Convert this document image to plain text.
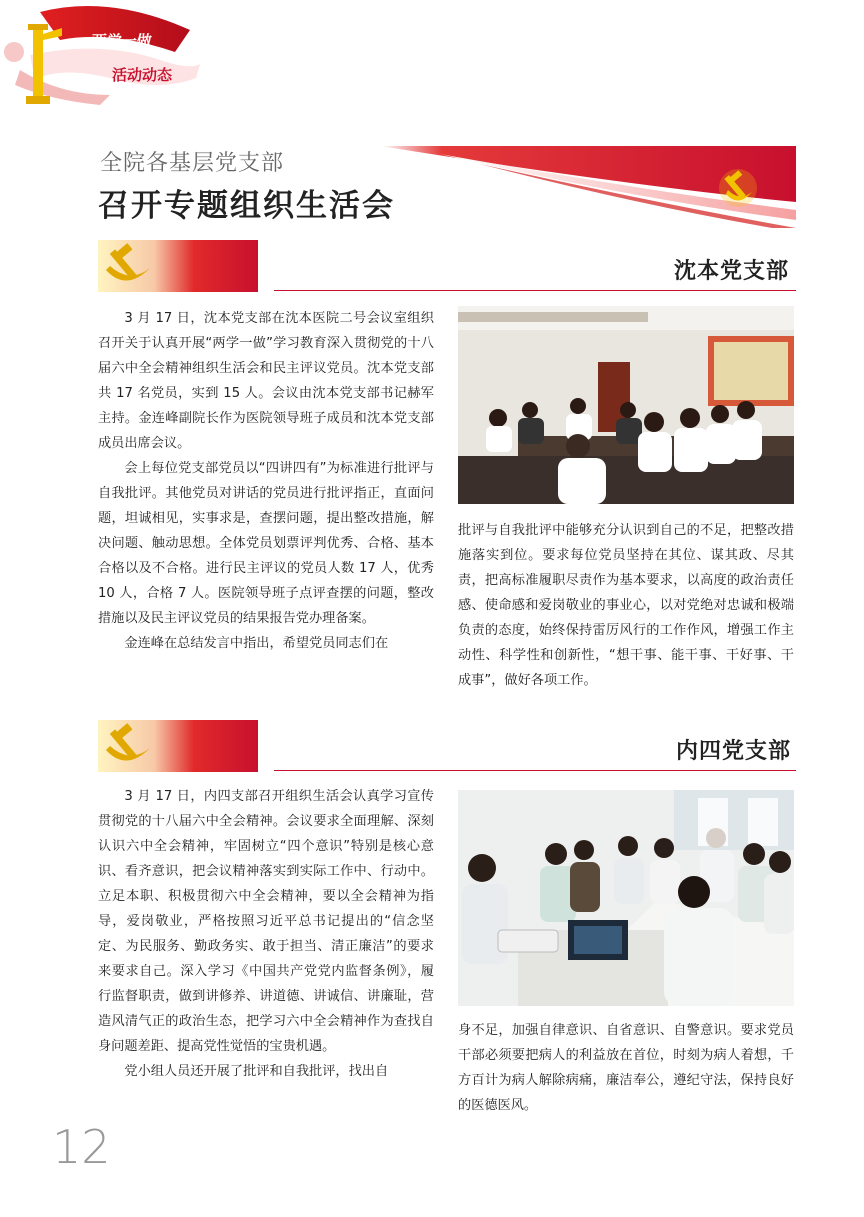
两学一做
活动动态
全院各基层党支部
召开专题组织生活会
沈本党支部

3 月 17 日，沈本党支部在沈本医院二号会议室组织召开关于认真开展“两学一做”学习教育深入贯彻党的十八届六中全会精神组织生活会和民主评议党员。沈本党支部共 17 名党员，实到 15 人。会议由沈本党支部书记赫军主持。金连峰副院长作为医院领导班子成员和沈本党支部成员出席会议。

会上每位党支部党员以“四讲四有”为标准进行批评与自我批评。其他党员对讲话的党员进行批评指正，直面问题，坦诚相见，实事求是，查摆问题，提出整改措施，解决问题、触动思想。全体党员划票评判优秀、合格、基本合格以及不合格。进行民主评议的党员人数 17 人，优秀 10 人，合格 7 人。医院领导班子点评查摆的问题，整改措施以及民主评议党员的结果报告党办理备案。

金连峰在总结发言中指出，希望党员同志们在

批评与自我批评中能够充分认识到自己的不足，把整改措施落实到位。要求每位党员坚持在其位、谋其政、尽其责，把高标准履职尽责作为基本要求，以高度的政治责任感、使命感和爱岗敬业的事业心，以对党绝对忠诚和极端负责的态度，始终保持雷厉风行的工作作风，增强工作主动性、科学性和创新性，“想干事、能干事、干好事、干成事”，做好各项工作。

内四党支部

3 月 17 日，内四支部召开组织生活会认真学习宣传贯彻党的十八届六中全会精神。会议要求全面理解、深刻认识六中全会精神，牢固树立“四个意识”特别是核心意识、看齐意识，把会议精神落实到实际工作中、行动中。立足本职、积极贯彻六中全会精神，要以全会精神为指导，爱岗敬业，严格按照习近平总书记提出的“信念坚定、为民服务、勤政务实、敢于担当、清正廉洁”的要求来要求自己。深入学习《中国共产党党内监督条例》，履行监督职责，做到讲修养、讲道德、讲诚信、讲廉耻，营造风清气正的政治生态，把学习六中全会精神作为查找自身问题差距、提高党性觉悟的宝贵机遇。

党小组人员还开展了批评和自我批评，找出自

身不足，加强自律意识、自省意识、自警意识。要求党员干部必须要把病人的利益放在首位，时刻为病人着想，千方百计为病人解除病痛，廉洁奉公，遵纪守法，保持良好的医德医风。

12
